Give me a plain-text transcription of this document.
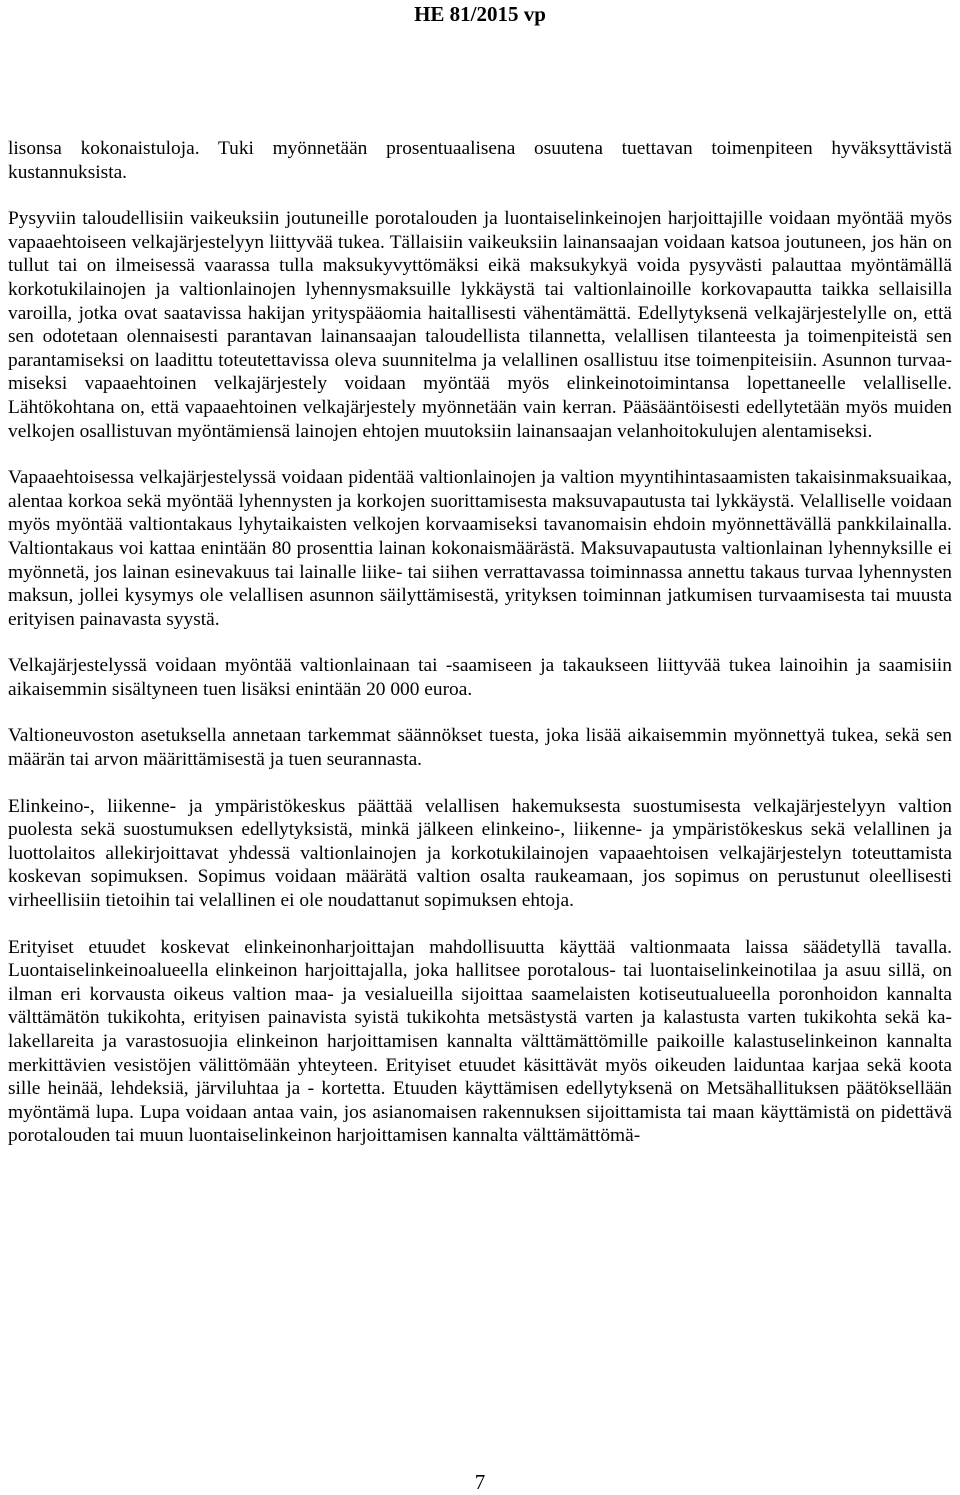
HE 81/2015 vp

lisonsa kokonaistuloja. Tuki myönnetään prosentuaalisena osuutena tuettavan toimenpiteen hyväksyttävistä kustannuksista.

Pysyviin taloudellisiin vaikeuksiin joutuneille porotalouden ja luontaiselinkeinojen harjoittajille voidaan myöntää myös vapaaehtoiseen velkajärjestelyyn liittyvää tukea. Tällaisiin vaikeuksiin lainansaajan voidaan katsoa joutuneen, jos hän on tullut tai on ilmeisessä vaarassa tulla maksukyvyttömäksi eikä maksukykyä voida pysyvästi palauttaa myöntämällä korkotukilainojen ja valtionlainojen lyhennysmaksuille lykkäystä tai valtionlainoille korkovapautta taikka sellaisilla varoilla, jotka ovat saatavissa hakijan yrityspääomia haitallisesti vähentämättä. Edellytyksenä velkajärjestelylle on, että sen odotetaan olennaisesti parantavan lainansaajan taloudellista tilannetta, velallisen tilanteesta ja toimenpiteistä sen parantamiseksi on laadittu toteutettavissa oleva suunnitelma ja velallinen osallistuu itse toimenpiteisiin. Asunnon turvaamiseksi vapaaehtoinen velkajärjestely voidaan myöntää myös elinkeinotoimintansa lopettaneelle velalliselle. Lähtökohtana on, että vapaaehtoinen velkajärjestely myönnetään vain kerran. Pääsääntöisesti edellytetään myös muiden velkojen osallistuvan myöntämiensä lainojen ehtojen muutoksiin lainansaajan velanhoitokulujen alentamiseksi.

Vapaaehtoisessa velkajärjestelyssä voidaan pidentää valtionlainojen ja valtion myyntihintasaamisten takaisinmaksuaikaa, alentaa korkoa sekä myöntää lyhennysten ja korkojen suorittamisesta maksuvapautusta tai lykkäystä. Velalliselle voidaan myös myöntää valtiontakaus lyhytaikaisten velkojen korvaamiseksi tavanomaisin ehdoin myönnettävällä pankkilainalla. Valtiontakaus voi kattaa enintään 80 prosenttia lainan kokonaismäärästä. Maksuvapautusta valtionlainan lyhennyksille ei myönnetä, jos lainan esinevakuus tai lainalle liike- tai siihen verrattavassa toiminnassa annettu takaus turvaa lyhennysten maksun, jollei kysymys ole velallisen asunnon säilyttämisestä, yrityksen toiminnan jatkumisen turvaamisesta tai muusta erityisen painavasta syystä.

Velkajärjestelyssä voidaan myöntää valtionlainaan tai -saamiseen ja takaukseen liittyvää tukea lainoihin ja saamisiin aikaisemmin sisältyneen tuen lisäksi enintään 20 000 euroa.

Valtioneuvoston asetuksella annetaan tarkemmat säännökset tuesta, joka lisää aikaisemmin myönnettyä tukea, sekä sen määrän tai arvon määrittämisestä ja tuen seurannasta.

Elinkeino-, liikenne- ja ympäristökeskus päättää velallisen hakemuksesta suostumisesta velkajärjestelyyn valtion puolesta sekä suostumuksen edellytyksistä, minkä jälkeen elinkeino-, liikenne- ja ympäristökeskus sekä velallinen ja luottolaitos allekirjoittavat yhdessä valtionlainojen ja korkotukilainojen vapaaehtoisen velkajärjestelyn toteuttamista koskevan sopimuksen. Sopimus voidaan määrätä valtion osalta raukeamaan, jos sopimus on perustunut oleellisesti virheellisiin tietoihin tai velallinen ei ole noudattanut sopimuksen ehtoja.

Erityiset etuudet koskevat elinkeinonharjoittajan mahdollisuutta käyttää valtionmaata laissa säädetyllä tavalla. Luontaiselinkeinoalueella elinkeinon harjoittajalla, joka hallitsee porotalous- tai luontaiselinkeinotilaa ja asuu sillä, on ilman eri korvausta oikeus valtion maa- ja vesialueilla sijoittaa saamelaisten kotiseutualueella poronhoidon kannalta välttämätön tukikohta, erityisen painavista syistä tukikohta metsästystä varten ja kalastusta varten tukikohta sekä kalakellareita ja varastosuojia elinkeinon harjoittamisen kannalta välttämättömille paikoille kalastuselinkeinon kannalta merkittävien vesistöjen välittömään yhteyteen. Erityiset etuudet käsittävät myös oikeuden laiduntaa karjaa sekä koota sille heinää, lehdeksiä, järviluhtaa ja - kortetta. Etuuden käyttämisen edellytyksenä on Metsähallituksen päätöksellään myöntämä lupa. Lupa voidaan antaa vain, jos asianomaisen rakennuksen sijoittamista tai maan käyttämistä on pidettävä porotalouden tai muun luontaiselinkeinon harjoittamisen kannalta välttämättömä-

7
